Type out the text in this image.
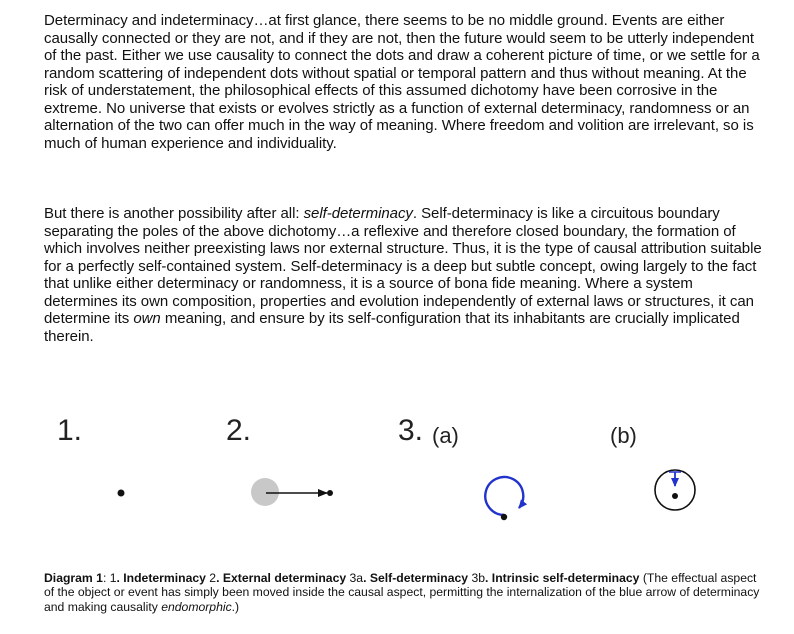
Determinacy and indeterminacy…at first glance, there seems to be no middle ground. Events are either causally connected or they are not, and if they are not, then the future would seem to be utterly independent of the past. Either we use causality to connect the dots and draw a coherent picture of time, or we settle for a random scattering of independent dots without spatial or temporal pattern and thus without meaning. At the risk of understatement, the philosophical effects of this assumed dichotomy have been corrosive in the extreme. No universe that exists or evolves strictly as a function of external determinacy, randomness or an alternation of the two can offer much in the way of meaning. Where freedom and volition are irrelevant, so is much of human experience and individuality.

But there is another possibility after all: self-determinacy. Self-determinacy is like a circuitous boundary separating the poles of the above dichotomy…a reflexive and therefore closed boundary, the formation of which involves neither preexisting laws nor external structure. Thus, it is the type of causal attribution suitable for a perfectly self-contained system. Self-determinacy is a deep but subtle concept, owing largely to the fact that unlike either determinacy or randomness, it is a source of bona fide meaning. Where a system determines its own composition, properties and evolution independently of external laws or structures, it can determine its own meaning, and ensure by its self-configuration that its inhabitants are crucially implicated therein.

1.	2.	3. (a)	(b)

Diagram 1: 1. Indeterminacy 2. External determinacy 3a. Self-determinacy 3b. Intrinsic self-determinacy (The effectual aspect of the object or event has simply been moved inside the causal aspect, permitting the internalization of the blue arrow of determinacy and making causality endomorphic.)
